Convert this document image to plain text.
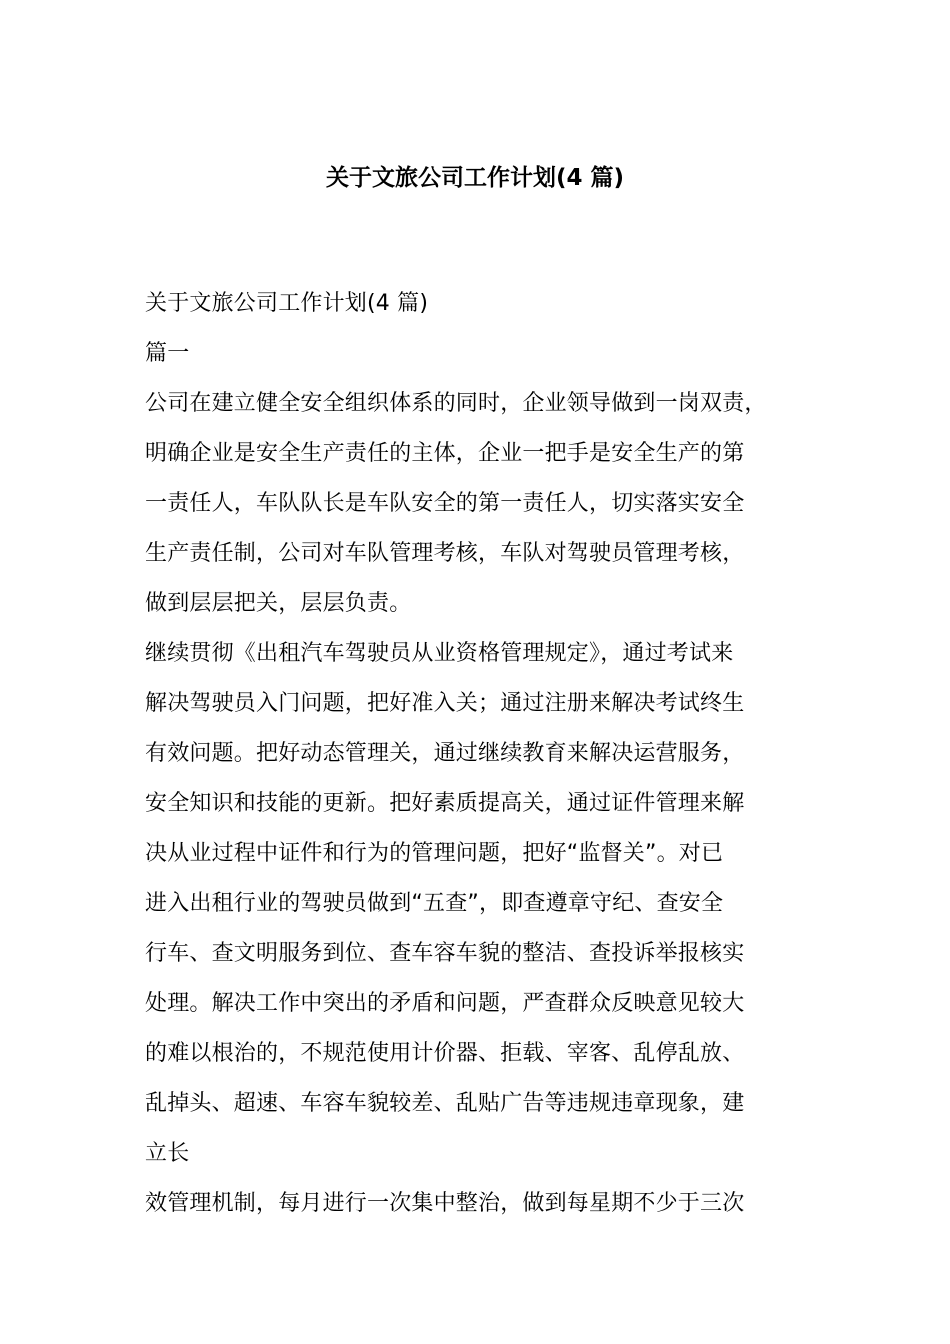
关于文旅公司工作计划(4 篇)
关于文旅公司工作计划(4 篇)
篇一
公司在建立健全安全组织体系的同时，企业领导做到一岗双责，
明确企业是安全生产责任的主体，企业一把手是安全生产的第
一责任人，车队队长是车队安全的第一责任人，切实落实安全
生产责任制，公司对车队管理考核，车队对驾驶员管理考核，
做到层层把关，层层负责。
继续贯彻《出租汽车驾驶员从业资格管理规定》，通过考试来
解决驾驶员入门问题，把好准入关；通过注册来解决考试终生
有效问题。把好动态管理关，通过继续教育来解决运营服务，
安全知识和技能的更新。把好素质提高关，通过证件管理来解
决从业过程中证件和行为的管理问题，把好“监督关”。对已
进入出租行业的驾驶员做到“五查”，即查遵章守纪、查安全
行车、查文明服务到位、查车容车貌的整洁、查投诉举报核实
处理。解决工作中突出的矛盾和问题，严查群众反映意见较大
的难以根治的，不规范使用计价器、拒载、宰客、乱停乱放、
乱掉头、超速、车容车貌较差、乱贴广告等违规违章现象，建
立长
效管理机制，每月进行一次集中整治，做到每星期不少于三次
